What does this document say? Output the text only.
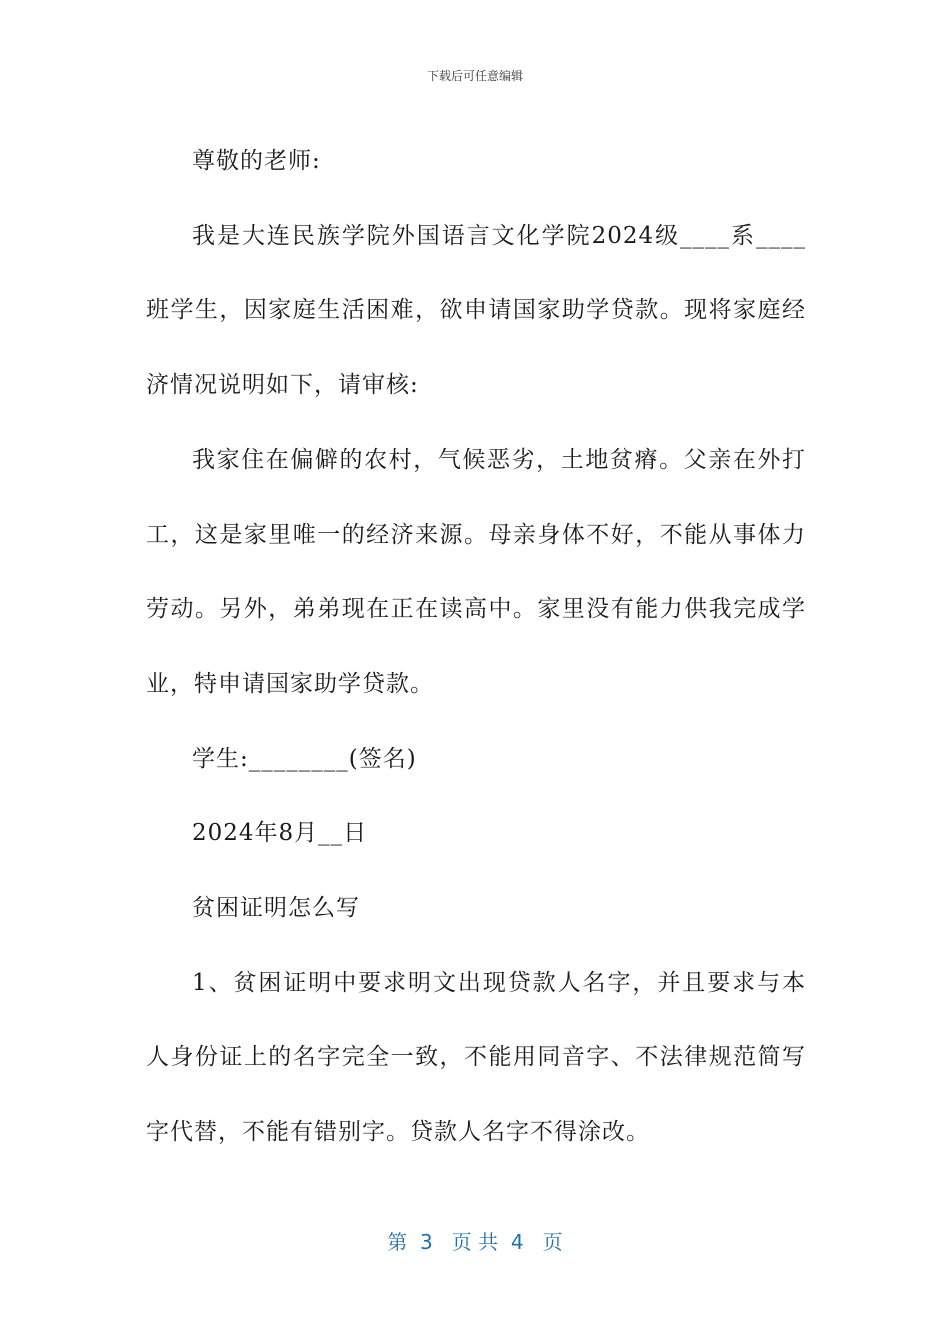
下载后可任意编辑

尊敬的老师:

我是大连民族学院外国语言文化学院2024级____系____班学生，因家庭生活困难，欲申请国家助学贷款。现将家庭经济情况说明如下，请审核:

我家住在偏僻的农村，气候恶劣，土地贫瘠。父亲在外打工，这是家里唯一的经济来源。母亲身体不好，不能从事体力劳动。另外，弟弟现在正在读高中。家里没有能力供我完成学业，特申请国家助学贷款。

学生:________(签名)

2024年8月__日

贫困证明怎么写

1、贫困证明中要求明文出现贷款人名字，并且要求与本人身份证上的名字完全一致，不能用同音字、不法律规范简写字代替，不能有错别字。贷款人名字不得涂改。

第  3   页 共  4   页
